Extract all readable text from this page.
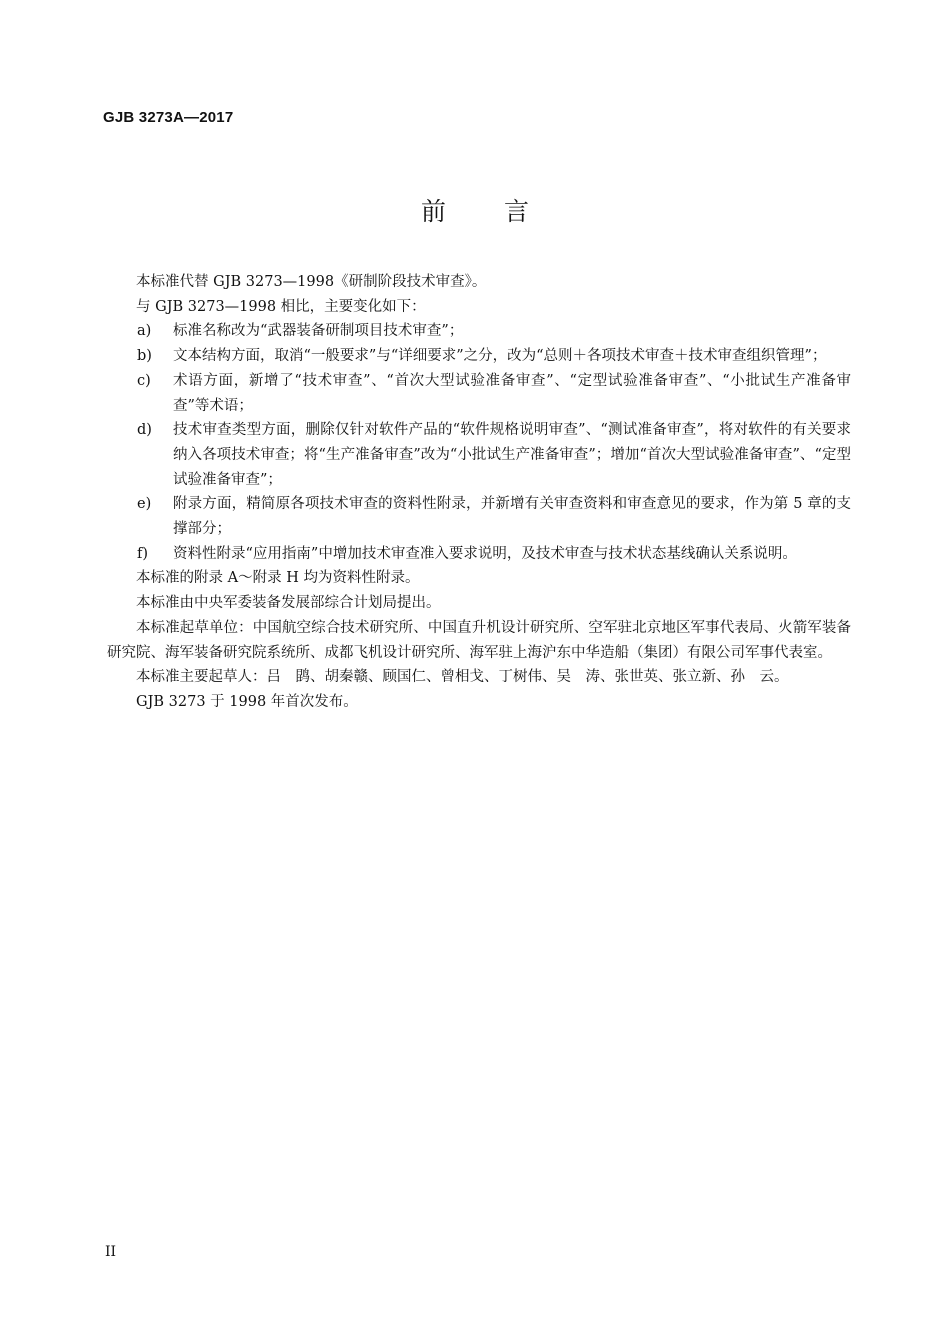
GJB 3273A—2017
前言

本标准代替 GJB 3273—1998《研制阶段技术审查》。

与 GJB 3273—1998 相比，主要变化如下：

a) 标准名称改为“武器装备研制项目技术审查”；
b) 文本结构方面，取消“一般要求”与“详细要求”之分，改为“总则＋各项技术审查＋技术审查组织管理”；
c) 术语方面，新增了“技术审查”、“首次大型试验准备审查”、“定型试验准备审查”、“小批试生产准备审查”等术语；
d) 技术审查类型方面，删除仅针对软件产品的“软件规格说明审查”、“测试准备审查”，将对软件的有关要求纳入各项技术审查；将“生产准备审查”改为“小批试生产准备审查”；增加“首次大型试验准备审查”、“定型试验准备审查”；
e) 附录方面，精简原各项技术审查的资料性附录，并新增有关审查资料和审查意见的要求，作为第 5 章的支撑部分；
f) 资料性附录“应用指南”中增加技术审查准入要求说明，及技术审查与技术状态基线确认关系说明。

本标准的附录 A～附录 H 均为资料性附录。

本标准由中央军委装备发展部综合计划局提出。

本标准起草单位：中国航空综合技术研究所、中国直升机设计研究所、空军驻北京地区军事代表局、火箭军装备研究院、海军装备研究院系统所、成都飞机设计研究所、海军驻上海沪东中华造船（集团）有限公司军事代表室。

本标准主要起草人：吕　鹍、胡秦赣、顾国仁、曾相戈、丁树伟、吴　涛、张世英、张立新、孙　云。

GJB 3273 于 1998 年首次发布。

II
